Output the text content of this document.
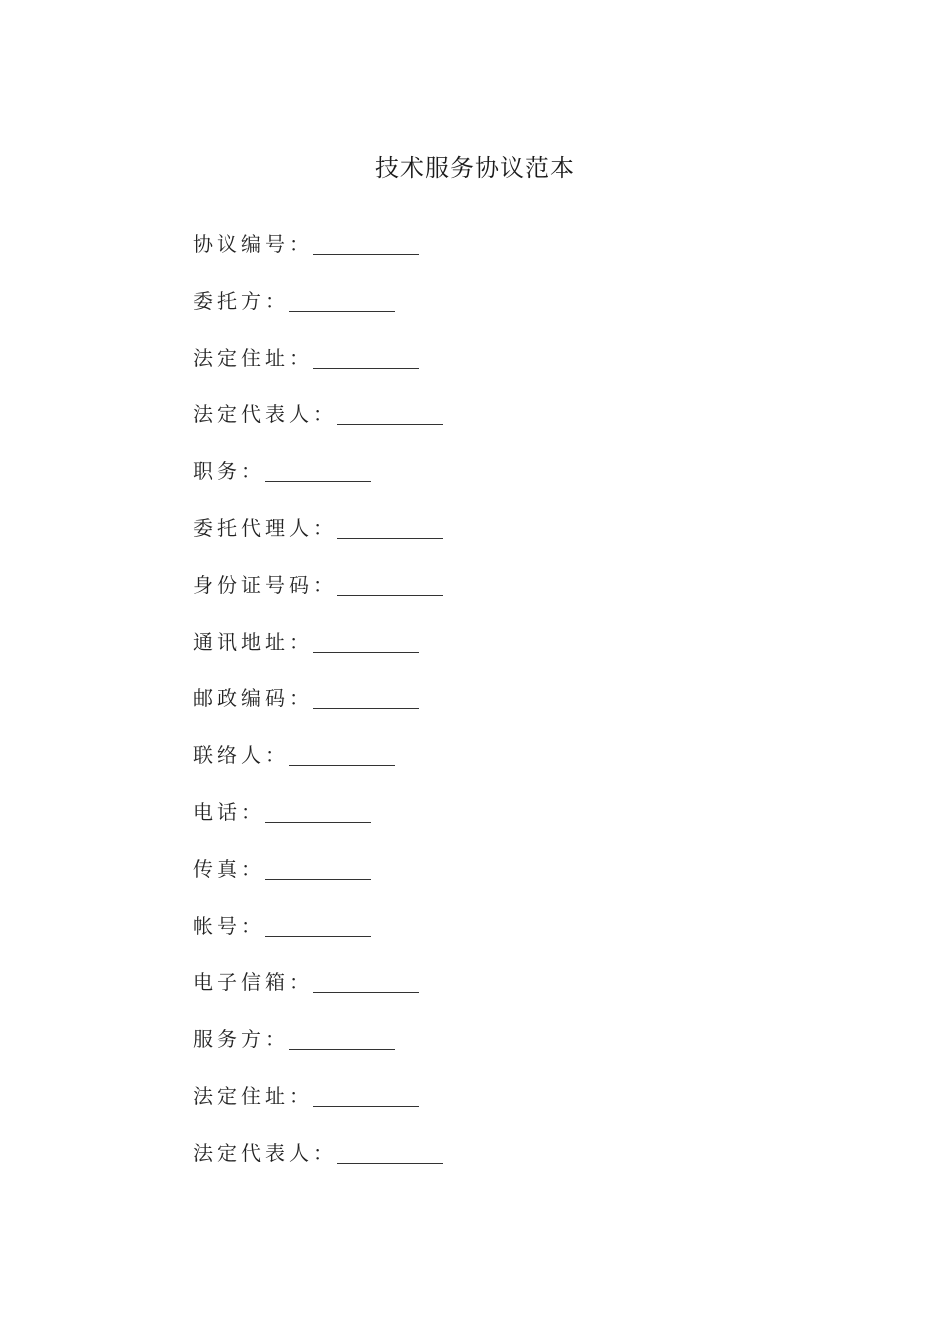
技术服务协议范本
协议编号：
委托方：
法定住址：
法定代表人：
职务：
委托代理人：
身份证号码：
通讯地址：
邮政编码：
联络人：
电话：
传真：
帐号：
电子信箱：
服务方：
法定住址：
法定代表人：
